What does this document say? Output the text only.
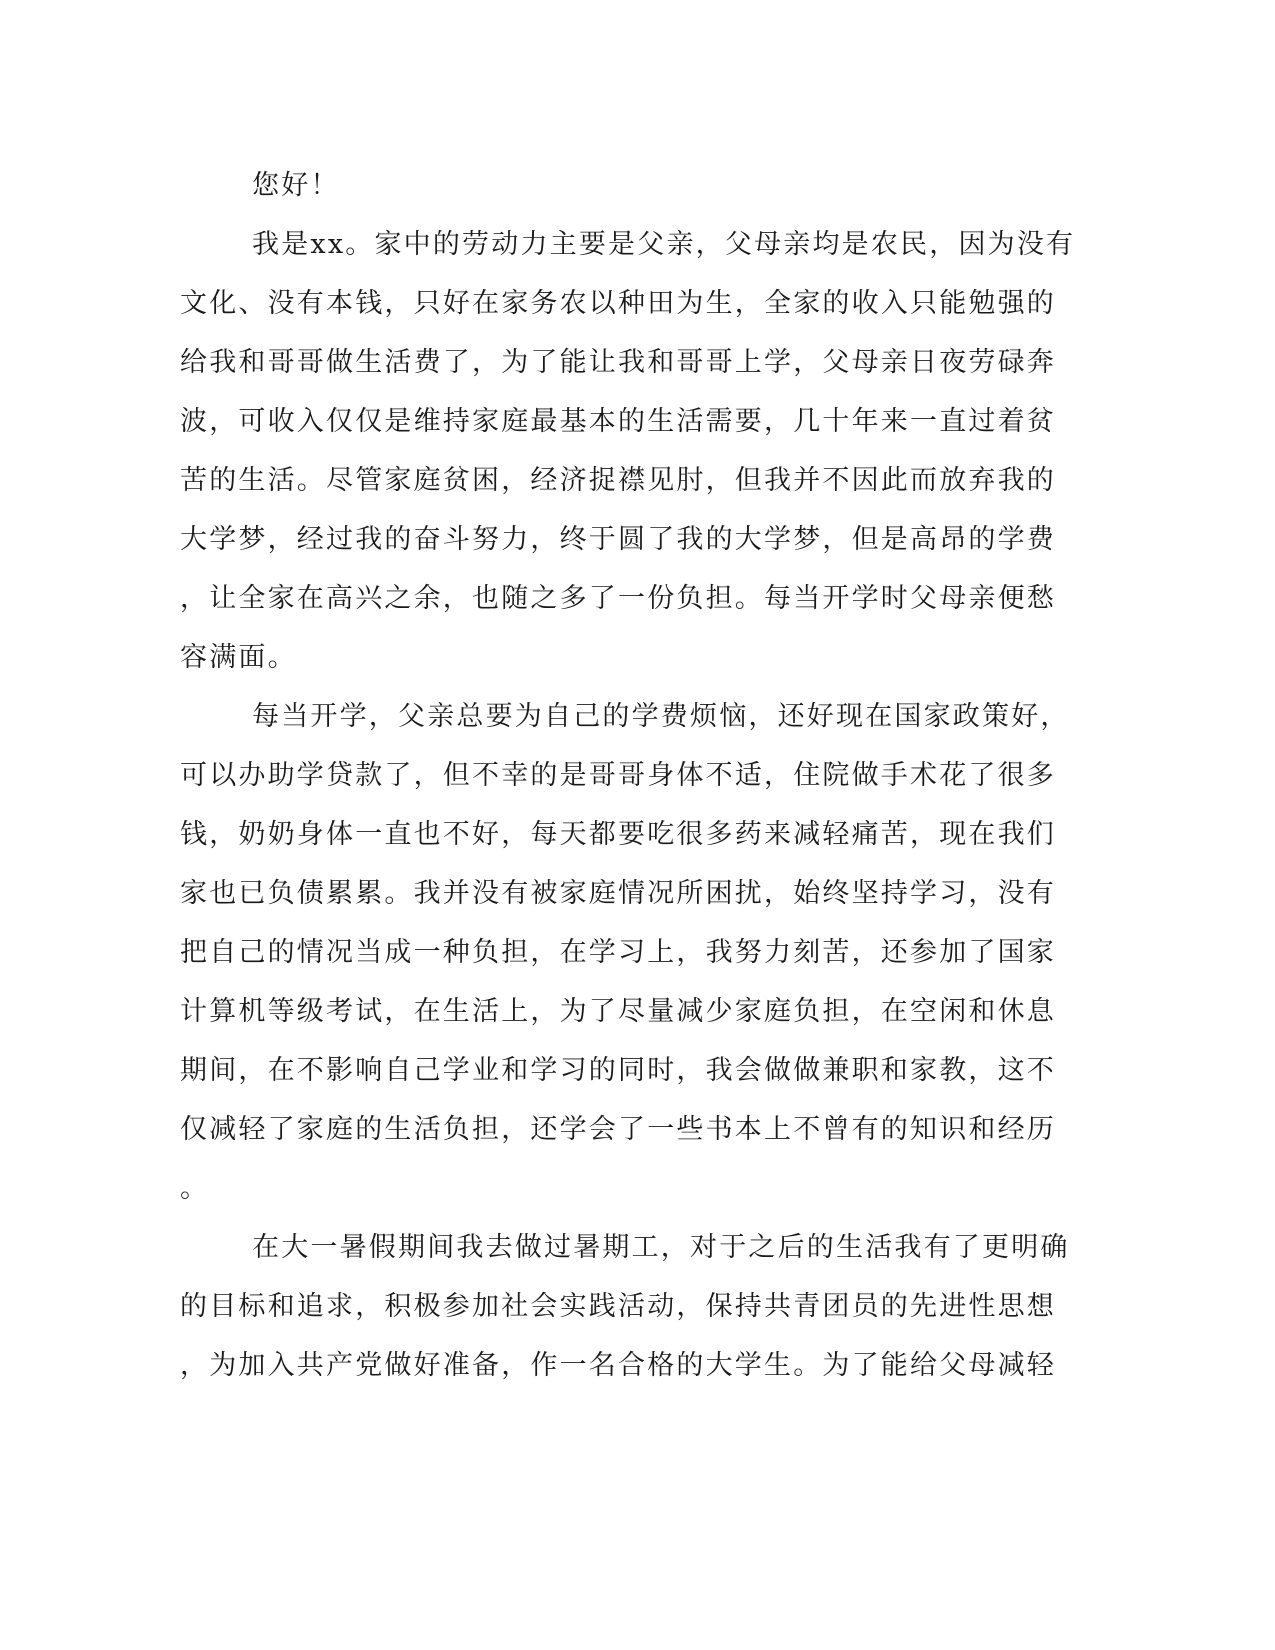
您好！
我是xx。家中的劳动力主要是父亲，父母亲均是农民，因为没有
文化、没有本钱，只好在家务农以种田为生，全家的收入只能勉强的
给我和哥哥做生活费了，为了能让我和哥哥上学，父母亲日夜劳碌奔
波，可收入仅仅是维持家庭最基本的生活需要，几十年来一直过着贫
苦的生活。尽管家庭贫困，经济捉襟见肘，但我并不因此而放弃我的
大学梦，经过我的奋斗努力，终于圆了我的大学梦，但是高昂的学费
，让全家在高兴之余，也随之多了一份负担。每当开学时父母亲便愁
容满面。
每当开学，父亲总要为自己的学费烦恼，还好现在国家政策好，
可以办助学贷款了，但不幸的是哥哥身体不适，住院做手术花了很多
钱，奶奶身体一直也不好，每天都要吃很多药来减轻痛苦，现在我们
家也已负债累累。我并没有被家庭情况所困扰，始终坚持学习，没有
把自己的情况当成一种负担，在学习上，我努力刻苦，还参加了国家
计算机等级考试，在生活上，为了尽量减少家庭负担，在空闲和休息
期间，在不影响自己学业和学习的同时，我会做做兼职和家教，这不
仅减轻了家庭的生活负担，还学会了一些书本上不曾有的知识和经历
。
在大一暑假期间我去做过暑期工，对于之后的生活我有了更明确
的目标和追求，积极参加社会实践活动，保持共青团员的先进性思想
，为加入共产党做好准备，作一名合格的大学生。为了能给父母减轻
